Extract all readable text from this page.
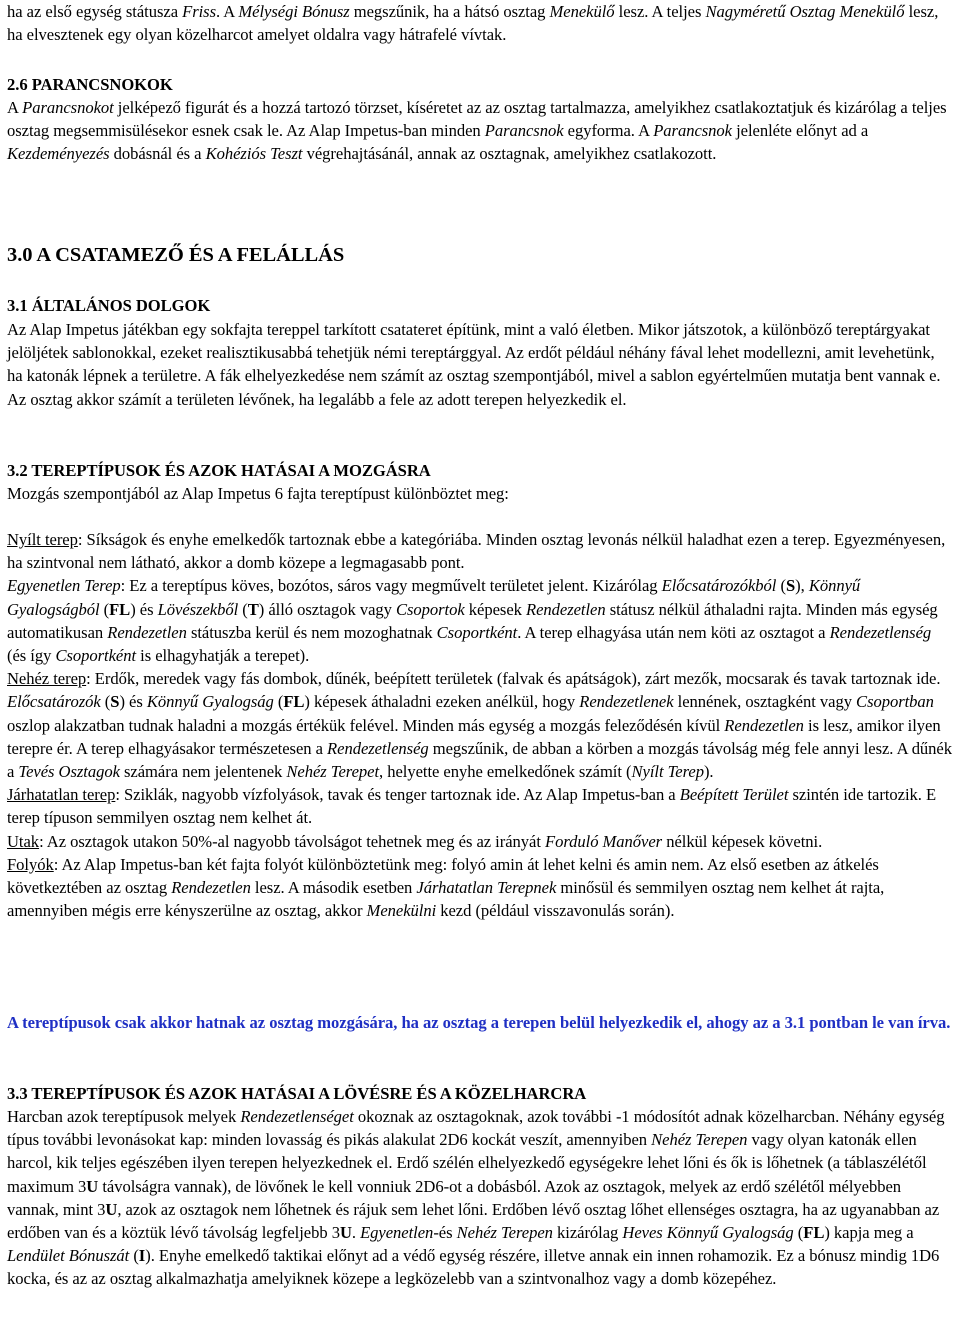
ha az első egység státusza Friss. A Mélységi Bónusz megszűnik, ha a hátsó osztag Menekülő lesz. A teljes Nagyméretű Osztag Menekülő lesz, ha elvesztenek egy olyan közelharcot amelyet oldalra vagy hátrafelé vívtak.

2.6 PARANCSNOKOK

A Parancsnokot jelképező figurát és a hozzá tartozó törzset, kíséretet az az osztag tartalmazza, amelyikhez csatlakoztatjuk és kizárólag a teljes osztag megsemmisülésekor esnek csak le. Az Alap Impetus-ban minden Parancsnok egyforma. A Parancsnok jelenléte előnyt ad a Kezdeményezés dobásnál és a Kohéziós Teszt végrehajtásánál, annak az osztagnak, amelyikhez csatlakozott.

3.0 A CSATAMEZŐ ÉS A FELÁLLÁS

3.1 ÁLTALÁNOS DOLGOK

Az Alap Impetus játékban egy sokfajta tereppel tarkított csatateret építünk, mint a való életben. Mikor játszotok, a különböző tereptárgyakat jelöljétek sablonokkal, ezeket realisztikusabbá tehetjük némi tereptárggyal. Az erdőt például néhány fával lehet modellezni, amit levehetünk, ha katonák lépnek a területre. A fák elhelyezkedése nem számít az osztag szempontjából, mivel a sablon egyértelműen mutatja bent vannak e. Az osztag akkor számít a területen lévőnek, ha legalább a fele az adott terepen helyezkedik el.

3.2 TEREPTÍPUSOK ÉS AZOK HATÁSAI A MOZGÁSRA

Mozgás szempontjából az Alap Impetus 6 fajta tereptípust különböztet meg:

Nyílt terep: Síkságok és enyhe emelkedők tartoznak ebbe a kategóriába. Minden osztag levonás nélkül haladhat ezen a terep. Egyezményesen, ha szintvonal nem látható, akkor a domb közepe a legmagasabb pont.

Egyenetlen Terep: Ez a tereptípus köves, bozótos, sáros vagy megművelt területet jelent. Kizárólag Előcsatározókból (S), Könnyű Gyalogságból (FL) és Lövészekből (T) álló osztagok vagy Csoportok képesek Rendezetlen státusz nélkül áthaladni rajta. Minden más egység automatikusan Rendezetlen státuszba kerül és nem mozoghatnak Csoportként. A terep elhagyása után nem köti az osztagot a Rendezetlenség (és így Csoportként is elhagyhatják a terepet).

Nehéz terep: Erdők, meredek vagy fás dombok, dűnék, beépített területek (falvak és apátságok), zárt mezők, mocsarak és tavak tartoznak ide. Előcsatározók (S) és Könnyű Gyalogság (FL) képesek áthaladni ezeken anélkül, hogy Rendezetlenek lennének, osztagként vagy Csoportban oszlop alakzatban tudnak haladni a mozgás értékük felével. Minden más egység a mozgás feleződésén kívül Rendezetlen is lesz, amikor ilyen terepre ér. A terep elhagyásakor természetesen a Rendezetlenség megszűnik, de abban a körben a mozgás távolság még fele annyi lesz. A dűnék a Tevés Osztagok számára nem jelentenek Nehéz Terepet, helyette enyhe emelkedőnek számít (Nyílt Terep).

Járhatatlan terep: Sziklák, nagyobb vízfolyások, tavak és tenger tartoznak ide. Az Alap Impetus-ban a Beépített Terület szintén ide tartozik. E terep típuson semmilyen osztag nem kelhet át.

Utak: Az osztagok utakon 50%-al nagyobb távolságot tehetnek meg és az irányát Forduló Manőver nélkül képesek követni.

Folyók: Az Alap Impetus-ban két fajta folyót különböztetünk meg: folyó amin át lehet kelni és amin nem. Az első esetben az átkelés következtében az osztag Rendezetlen lesz. A második esetben Járhatatlan Terepnek minősül és semmilyen osztag nem kelhet át rajta, amennyiben mégis erre kényszerülne az osztag, akkor Menekülni kezd (például visszavonulás során).

A tereptípusok csak akkor hatnak az osztag mozgására, ha az osztag a terepen belül helyezkedik el, ahogy az a 3.1 pontban le van írva.

3.3 TEREPTÍPUSOK ÉS AZOK HATÁSAI A LÖVÉSRE ÉS A KÖZELHARCRA

Harcban azok tereptípusok melyek Rendezetlenséget okoznak az osztagoknak, azok további -1 módosítót adnak közelharcban. Néhány egység típus további levonásokat kap: minden lovasság és pikás alakulat 2D6 kockát veszít, amennyiben Nehéz Terepen vagy olyan katonák ellen harcol, kik teljes egészében ilyen terepen helyezkednek el. Erdő szélén elhelyezkedő egységekre lehet lőni és ők is lőhetnek (a táblaszélétől maximum 3U távolságra vannak), de lövőnek le kell vonniuk 2D6-ot a dobásból. Azok az osztagok, melyek az erdő szélétől mélyebben vannak, mint 3U, azok az osztagok nem lőhetnek és rájuk sem lehet lőni. Erdőben lévő osztag lőhet ellenséges osztagra, ha az ugyanabban az erdőben van és a köztük lévő távolság legfeljebb 3U. Egyenetlen-és Nehéz Terepen kizárólag Heves Könnyű Gyalogság (FL) kapja meg a Lendület Bónuszát (I). Enyhe emelkedő taktikai előnyt ad a védő egység részére, illetve annak ein innen rohamozik. Ez a bónusz mindig 1D6 kocka, és az az osztag alkalmazhatja amelyiknek közepe a legközelebb van a szintvonalhoz vagy a domb közepéhez.
